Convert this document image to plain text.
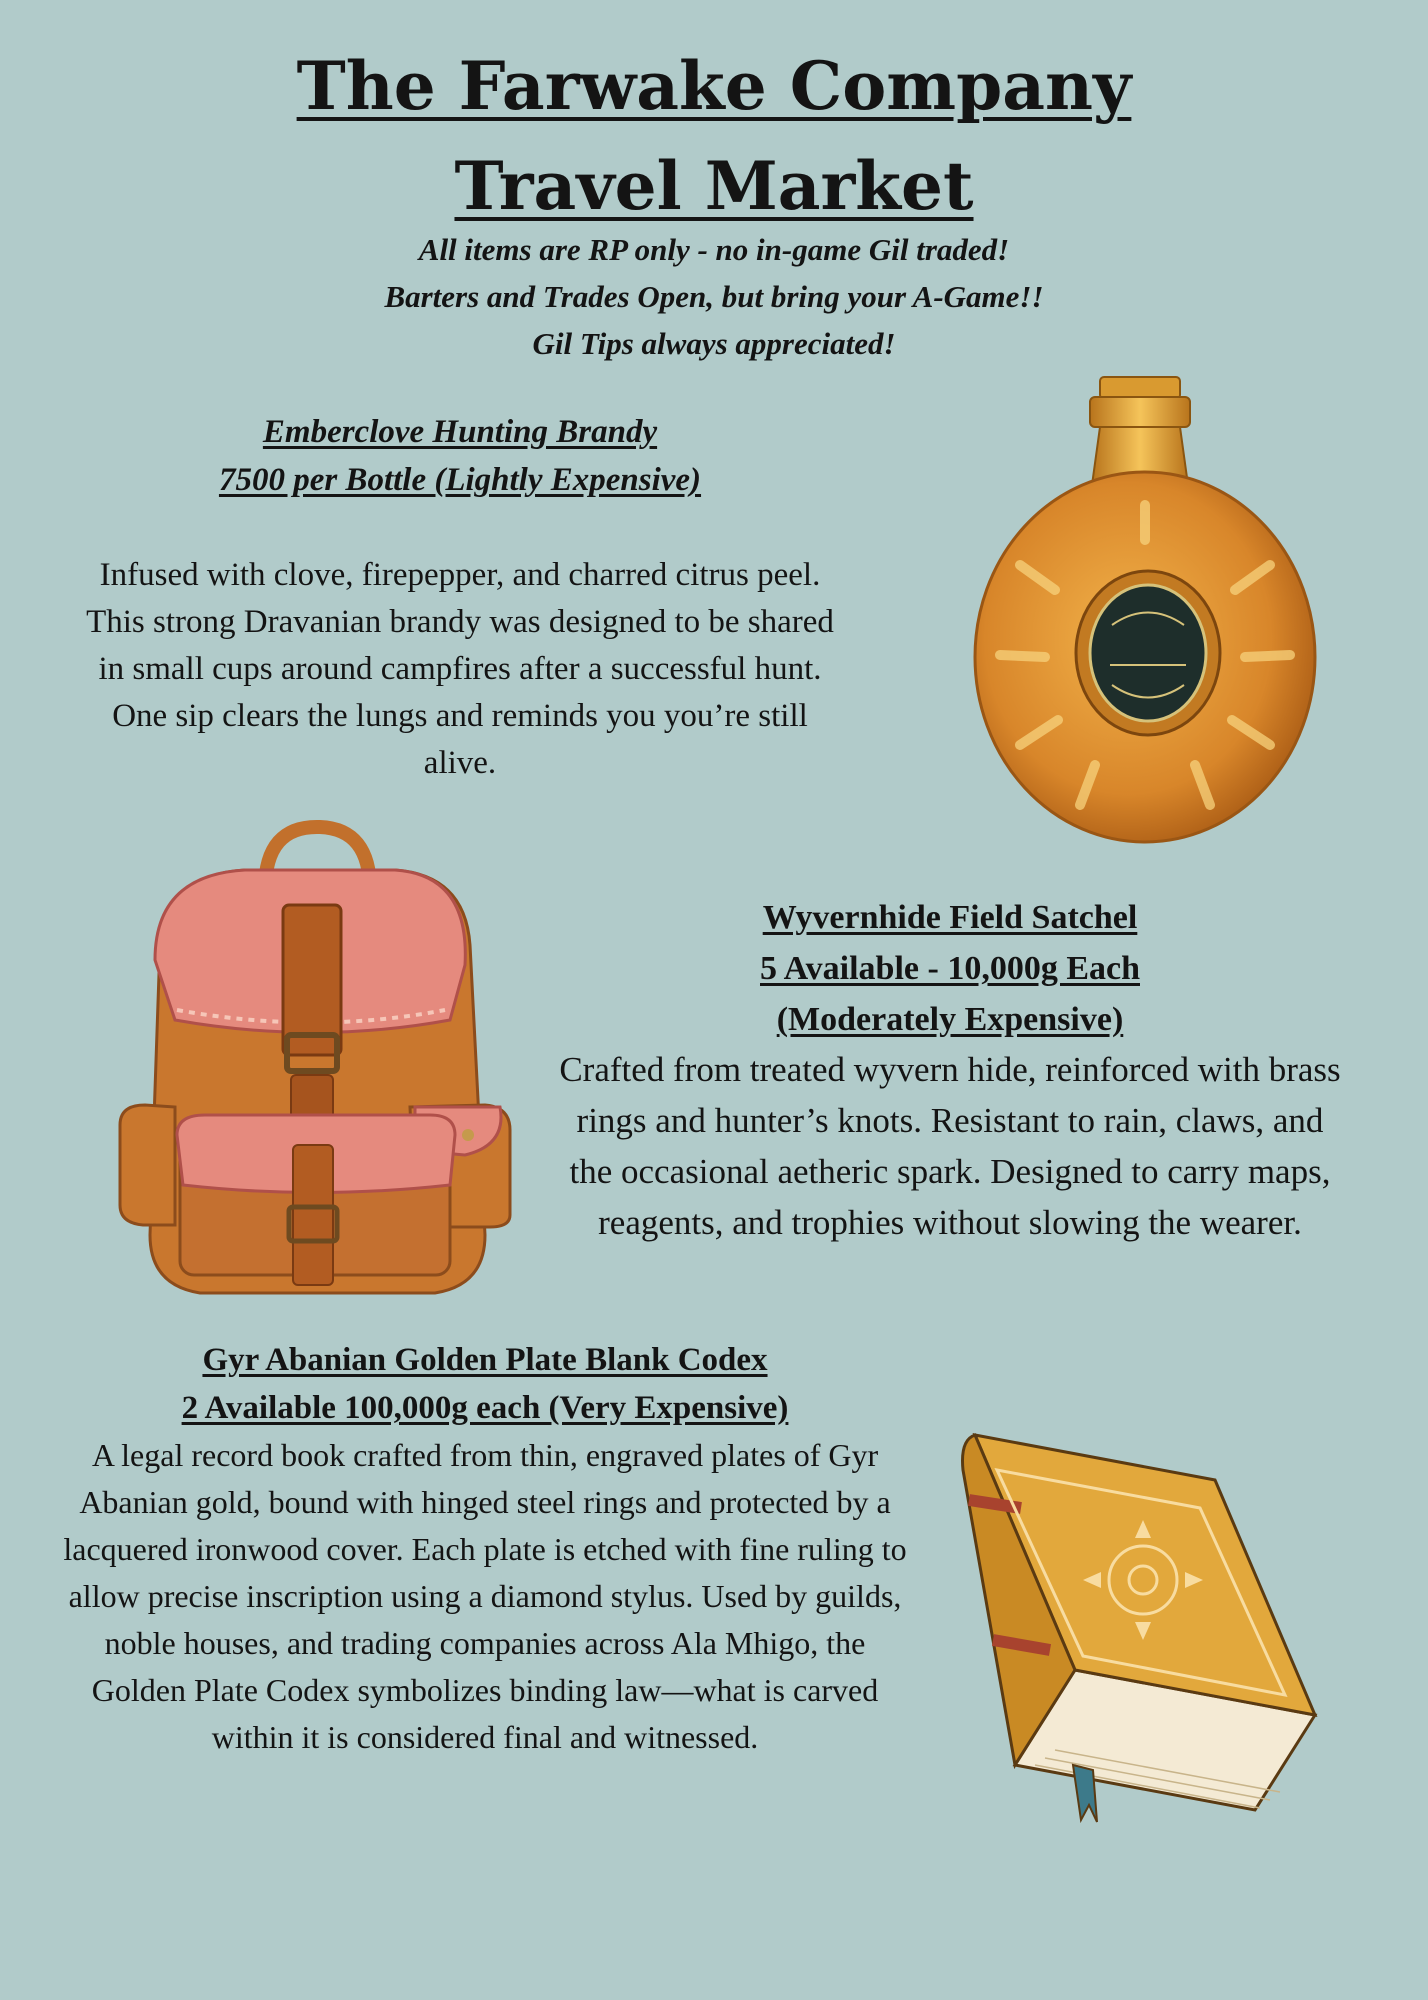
The Farwake Company
Travel Market
All items are RP only - no in-game Gil traded!
Barters and Trades Open, but bring your A-Game!!
Gil Tips always appreciated!
Emberclove Hunting Brandy
7500 per Bottle (Lightly Expensive)
Infused with clove, firepepper, and charred citrus peel. This strong Dravanian brandy was designed to be shared in small cups around campfires after a successful hunt. One sip clears the lungs and reminds you you’re still alive.
Wyvernhide Field Satchel
5 Available - 10,000g Each
(Moderately Expensive)
Crafted from treated wyvern hide, reinforced with brass rings and hunter’s knots. Resistant to rain, claws, and the occasional aetheric spark. Designed to carry maps, reagents, and trophies without slowing the wearer.
Gyr Abanian Golden Plate Blank Codex
2 Available 100,000g each (Very Expensive)
A legal record book crafted from thin, engraved plates of Gyr Abanian gold, bound with hinged steel rings and protected by a lacquered ironwood cover. Each plate is etched with fine ruling to allow precise inscription using a diamond stylus. Used by guilds, noble houses, and trading companies across Ala Mhigo, the Golden Plate Codex symbolizes binding law—what is carved within it is considered final and witnessed.
